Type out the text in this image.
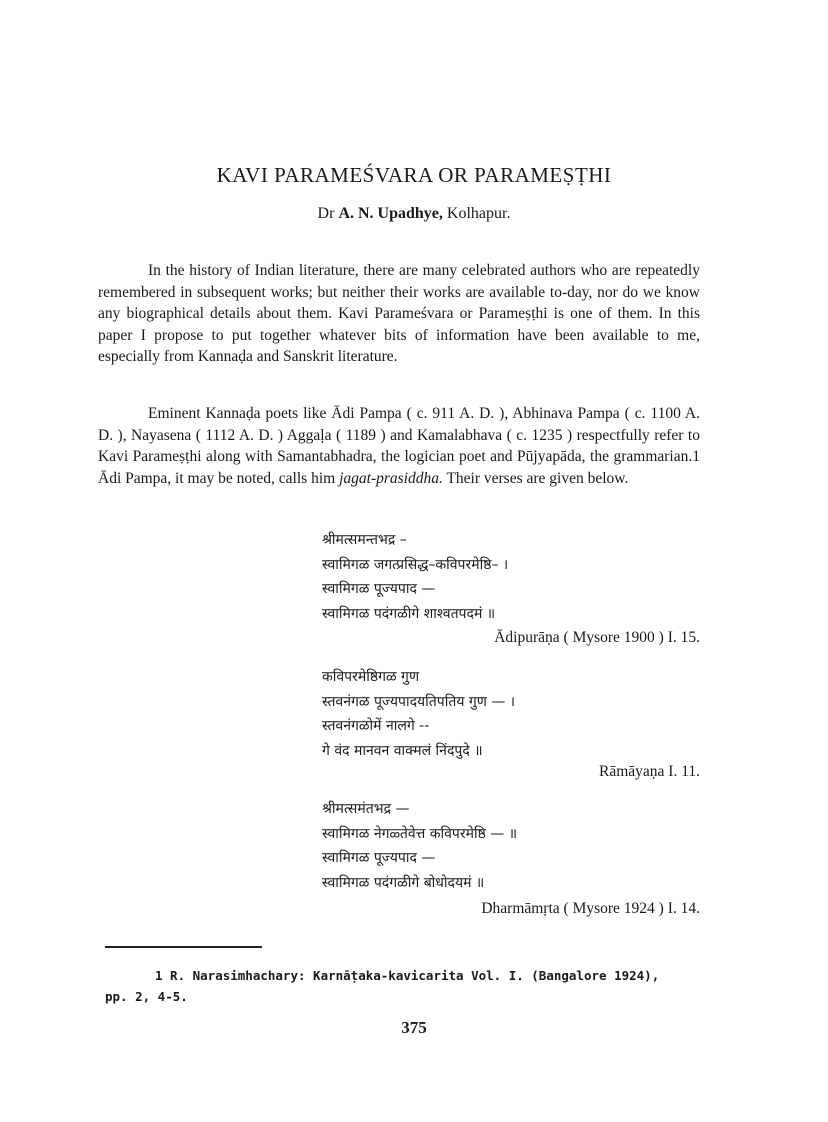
KAVI PARAMEŚVARA OR PARAMEṢṬHI
Dr A. N. Upadhye, Kolhapur.

In the history of Indian literature, there are many celebrated authors who are repeatedly remembered in subsequent works; but neither their works are available to-day, nor do we know any biographical details about them. Kavi Parameśvara or Parameṣṭhi is one of them. In this paper I propose to put together whatever bits of information have been available to me, especially from Kannaḍa and Sanskrit literature.

Eminent Kannaḍa poets like Ādi Pampa ( c. 911 A. D. ), Abhinava Pampa ( c. 1100 A. D. ), Nayasena ( 1112 A. D. ) Aggaḷa ( 1189 ) and Kamalabhava ( c. 1235 ) respectfully refer to Kavi Parameṣṭhi along with Samantabhadra, the logician poet and Pūjyapāda, the grammarian.1 Ādi Pampa, it may be noted, calls him jagat-prasiddha. Their verses are given below.

श्रीमत्समन्तभद्र –
स्वामिगळ जगत्प्रसिद्ध–कविपरमेष्ठि– ।
स्वामिगळ पूज्यपाद —
स्वामिगळ पदंगळीगे शाश्वतपदमं ॥
Ādipurāṇa ( Mysore 1900 ) I. 15.
कविपरमेष्ठिगळ गुण
स्तवनंगळ पूज्यपादयतिपतिय गुण — ।
स्तवनंगळोमें नालगे --
गे वंद मानवन वाक्मलं निंदपुदे ॥
Rāmāyaṇa I. 11.
श्रीमत्समंतभद्र —
स्वामिगळ नेगळ्तेवेत्त कविपरमेष्ठि — ॥
स्वामिगळ पूज्यपाद —
स्वामिगळ पदंगळीगे बोधोदयमं ॥
Dharmāmṛta ( Mysore 1924 ) I. 14.
1 R. Narasimhachary: Karnāṭaka-kavicarita Vol. I. (Bangalore 1924),
pp. 2, 4-5.
375
